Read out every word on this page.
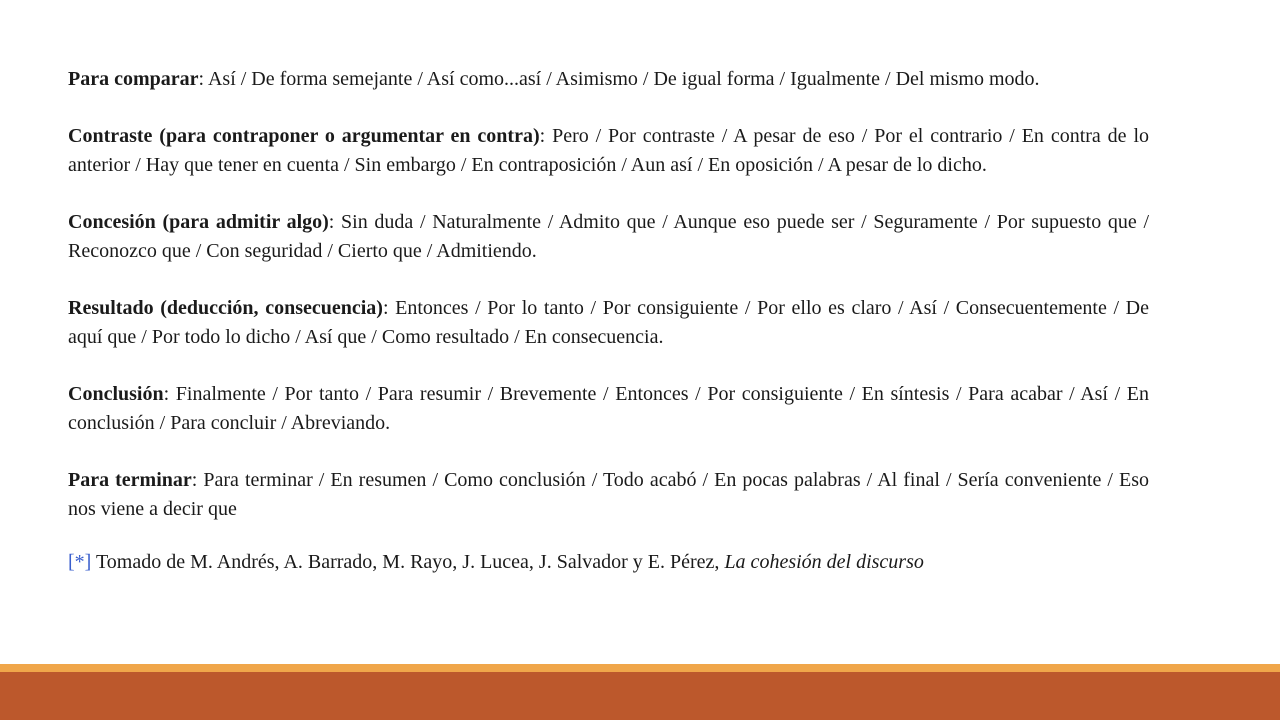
Para comparar: Así / De forma semejante / Así como...así / Asimismo / De igual forma / Igualmente / Del mismo modo.

Contraste (para contraponer o argumentar en contra): Pero / Por contraste / A pesar de eso / Por el contrario / En contra de lo anterior / Hay que tener en cuenta / Sin embargo / En contraposición / Aun así / En oposición / A pesar de lo dicho.

Concesión (para admitir algo): Sin duda / Naturalmente / Admito que / Aunque eso puede ser / Seguramente / Por supuesto que / Reconozco que / Con seguridad / Cierto que / Admitiendo.

Resultado (deducción, consecuencia): Entonces / Por lo tanto / Por consiguiente / Por ello es claro / Así / Consecuentemente / De aquí que / Por todo lo dicho / Así que / Como resultado / En consecuencia.

Conclusión: Finalmente / Por tanto / Para resumir / Brevemente / Entonces / Por consiguiente / En síntesis / Para acabar / Así / En conclusión / Para concluir / Abreviando.

Para terminar: Para terminar / En resumen / Como conclusión / Todo acabó / En pocas palabras / Al final / Sería conveniente / Eso nos viene a decir que

[*] Tomado de M. Andrés, A. Barrado, M. Rayo, J. Lucea, J. Salvador y E. Pérez, La cohesión del discurso
